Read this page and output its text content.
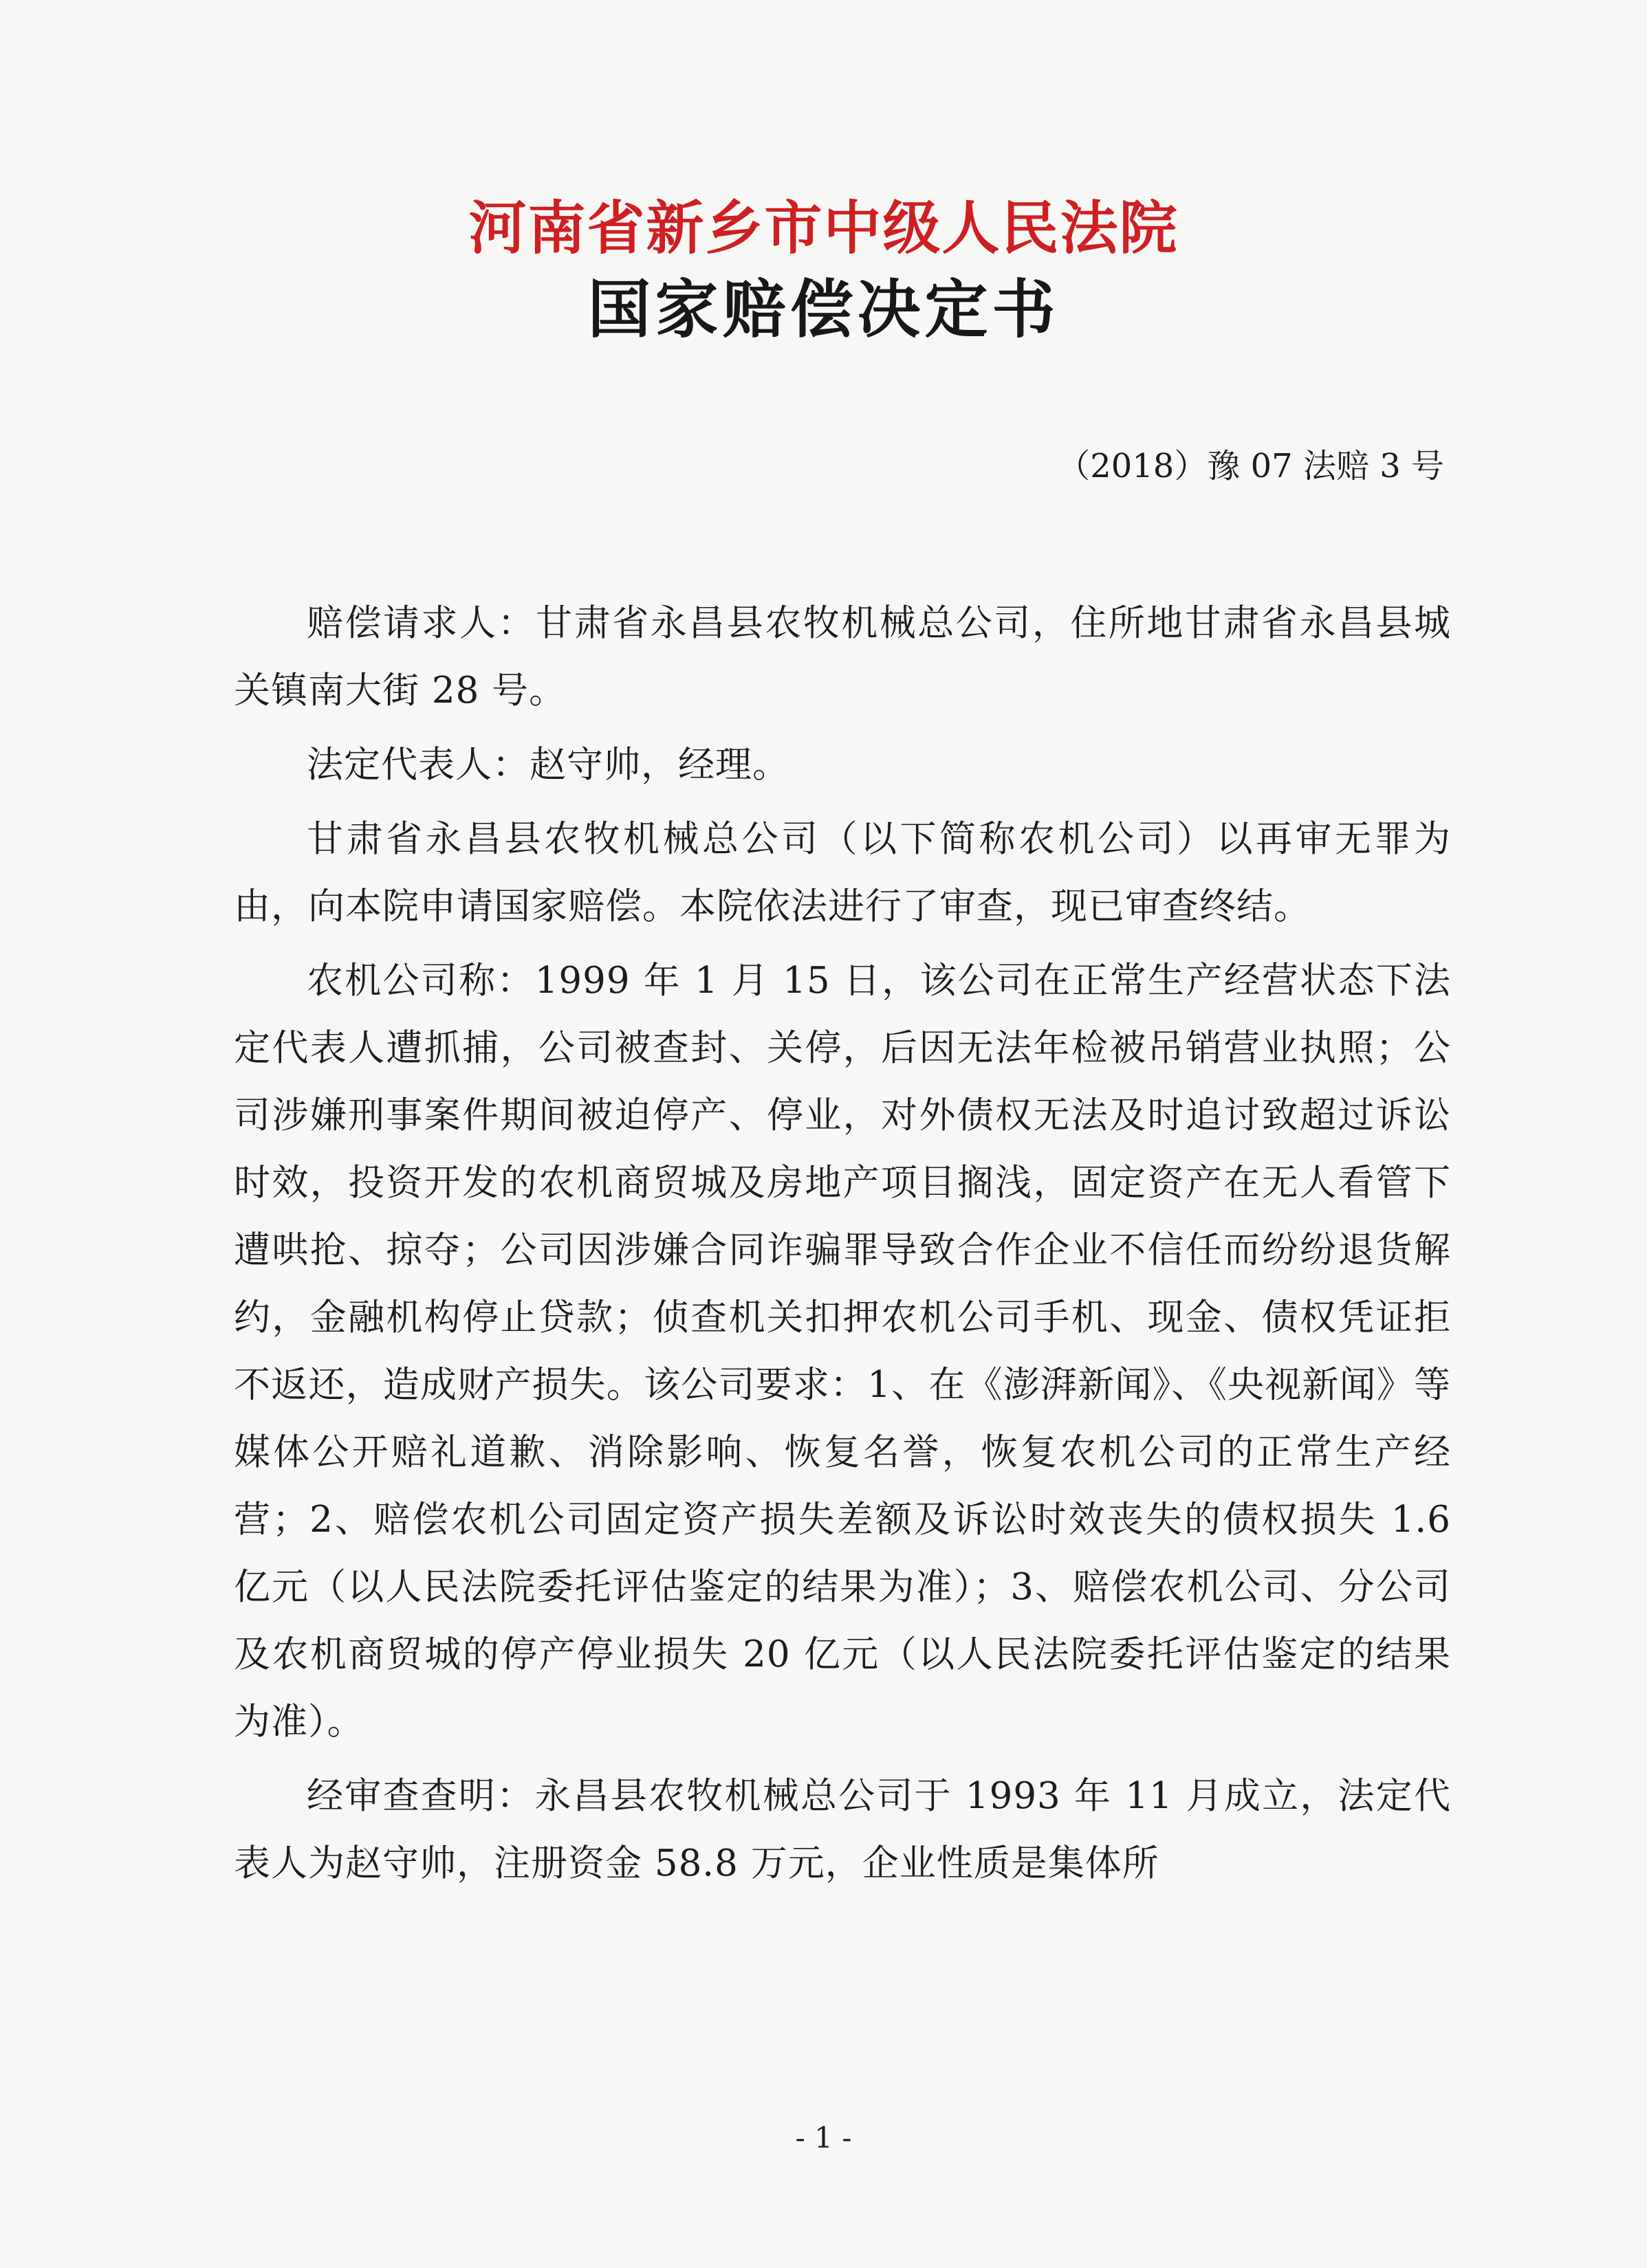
河南省新乡市中级人民法院
国家赔偿决定书
（2018）豫 07 法赔 3 号

赔偿请求人：甘肃省永昌县农牧机械总公司，住所地甘肃省永昌县城关镇南大街 28 号。

法定代表人：赵守帅，经理。

甘肃省永昌县农牧机械总公司（以下简称农机公司）以再审无罪为由，向本院申请国家赔偿。本院依法进行了审查，现已审查终结。

农机公司称：1999 年 1 月 15 日，该公司在正常生产经营状态下法定代表人遭抓捕，公司被查封、关停，后因无法年检被吊销营业执照；公司涉嫌刑事案件期间被迫停产、停业，对外债权无法及时追讨致超过诉讼时效，投资开发的农机商贸城及房地产项目搁浅，固定资产在无人看管下遭哄抢、掠夺；公司因涉嫌合同诈骗罪导致合作企业不信任而纷纷退货解约，金融机构停止贷款；侦查机关扣押农机公司手机、现金、债权凭证拒不返还，造成财产损失。该公司要求：1、在《澎湃新闻》、《央视新闻》等媒体公开赔礼道歉、消除影响、恢复名誉，恢复农机公司的正常生产经营；2、赔偿农机公司固定资产损失差额及诉讼时效丧失的债权损失 1.6 亿元（以人民法院委托评估鉴定的结果为准）；3、赔偿农机公司、分公司及农机商贸城的停产停业损失 20 亿元（以人民法院委托评估鉴定的结果为准）。

经审查查明：永昌县农牧机械总公司于 1993 年 11 月成立，法定代表人为赵守帅，注册资金 58.8 万元，企业性质是集体所

- 1 -
